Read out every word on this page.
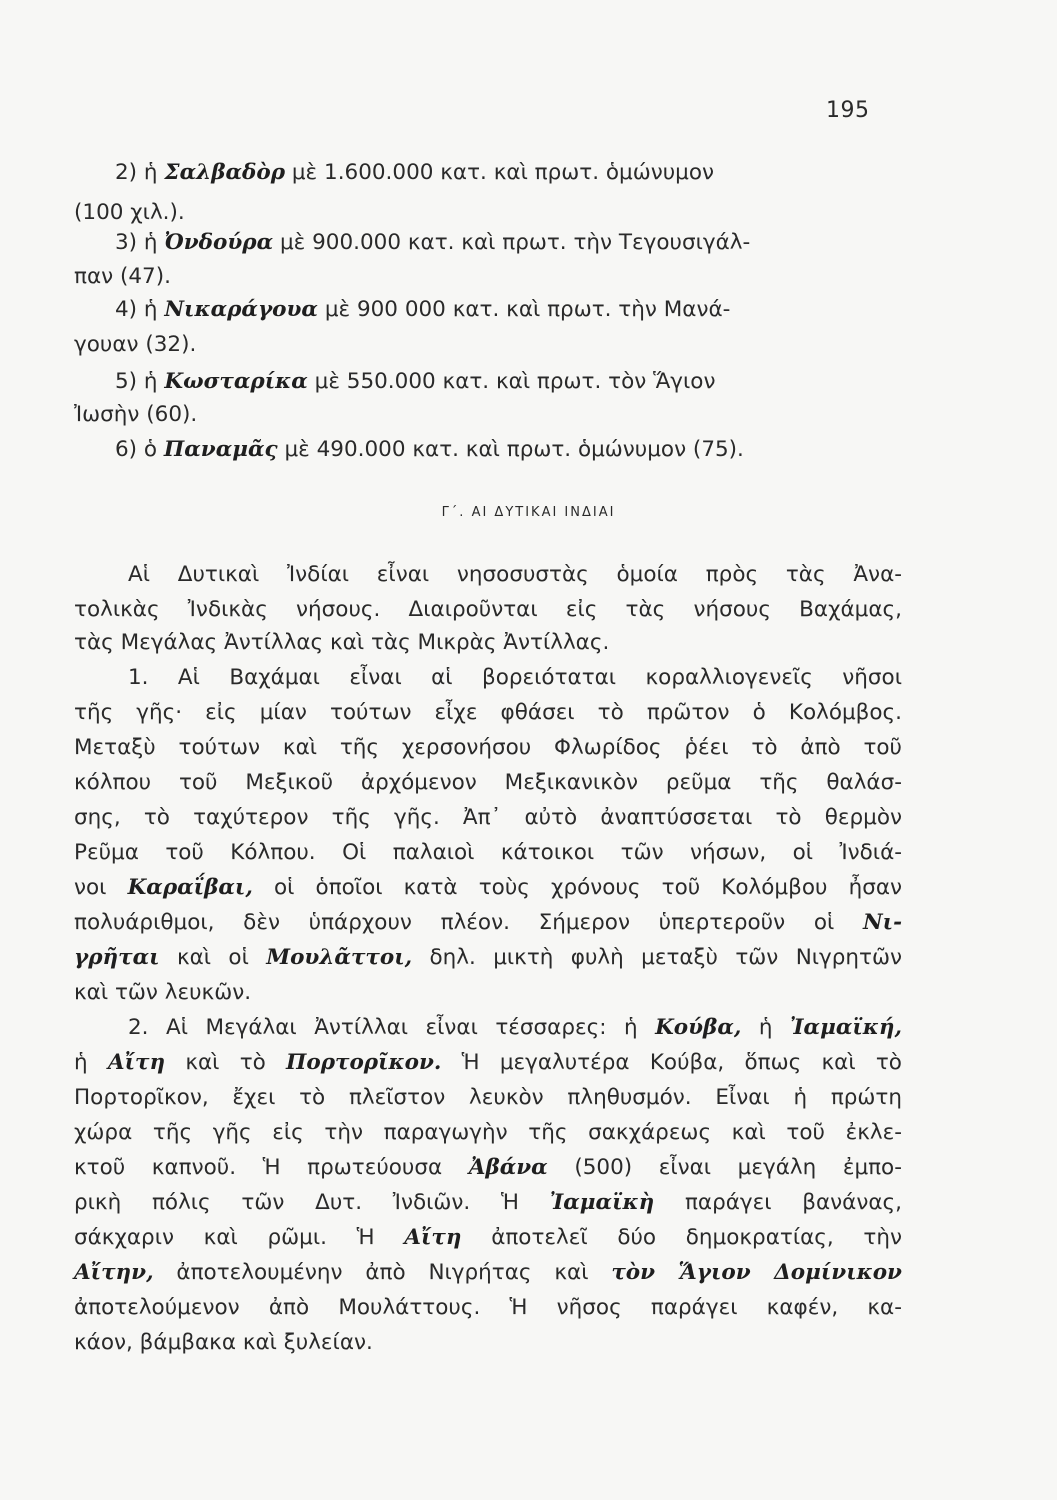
195
2) ἡ Σαλβαδὸρ μὲ 1.600.000 κατ. καὶ πρωτ. ὁμώνυμον
(100 χιλ.).
3) ἡ Ὀνδούρα μὲ 900.000 κατ. καὶ πρωτ. τὴν Τεγουσιγάλ-
παν (47).
4) ἡ Νικαράγουα μὲ 900 000 κατ. καὶ πρωτ. τὴν Μανά-
γουαν (32).
5) ἡ Κωσταρίκα μὲ 550.000 κατ. καὶ πρωτ. τὸν Ἅγιον
Ἰωσὴν (60).
6) ὁ Παναμᾶς μὲ 490.000 κατ. καὶ πρωτ. ὁμώνυμον (75).
Γ΄. ΑΙ ΔΥΤΙΚΑΙ ΙΝΔΙΑΙ
Αἱ Δυτικαὶ Ἰνδίαι εἶναι νησοσυστὰς ὁμοία πρὸς τὰς Ἀνα-
τολικὰς Ἰνδικὰς νήσους. Διαιροῦνται εἰς τὰς νήσους Βαχάμας,
τὰς Μεγάλας Ἀντίλλας καὶ τὰς Μικρὰς Ἀντίλλας.
1. Αἱ Βαχάμαι εἶναι αἱ βορειόταται κοραλλιογενεῖς νῆσοι
τῆς γῆς· εἰς μίαν τούτων εἶχε φθάσει τὸ πρῶτον ὁ Κολόμβος.
Μεταξὺ τούτων καὶ τῆς χερσονήσου Φλωρίδος ῥέει τὸ ἀπὸ τοῦ
κόλπου τοῦ Μεξικοῦ ἀρχόμενον Μεξικανικὸν ρεῦμα τῆς θαλάσ-
σης, τὸ ταχύτερον τῆς γῆς. Ἀπ᾿ αὐτὸ ἀναπτύσσεται τὸ θερμὸν
Ρεῦμα τοῦ Κόλπου. Οἱ παλαιοὶ κάτοικοι τῶν νήσων, οἱ Ἰνδιά-
νοι Καραΐβαι, οἱ ὁποῖοι κατὰ τοὺς χρόνους τοῦ Κολόμβου ἦσαν
πολυάριθμοι, δὲν ὑπάρχουν πλέον. Σήμερον ὑπερτεροῦν οἱ Νι-
γρῆται καὶ οἱ Μουλᾶττοι, δηλ. μικτὴ φυλὴ μεταξὺ τῶν Νιγρητῶν
καὶ τῶν λευκῶν.
2. Αἱ Μεγάλαι Ἀντίλλαι εἶναι τέσσαρες: ἡ Κούβα, ἡ Ἰαμαϊκή,
ἡ Αἴτη καὶ τὸ Πορτορῖκον. Ἡ μεγαλυτέρα Κούβα, ὅπως καὶ τὸ
Πορτορῖκον, ἔχει τὸ πλεῖστον λευκὸν πληθυσμόν. Εἶναι ἡ πρώτη
χώρα τῆς γῆς εἰς τὴν παραγωγὴν τῆς σακχάρεως καὶ τοῦ ἐκλε-
κτοῦ καπνοῦ. Ἡ πρωτεύουσα Ἀβάνα (500) εἶναι μεγάλη ἐμπο-
ρικὴ πόλις τῶν Δυτ. Ἰνδιῶν. Ἡ Ἰαμαϊκὴ παράγει βανάνας,
σάκχαριν καὶ ρῶμι. Ἡ Αἴτη ἀποτελεῖ δύο δημοκρατίας, τὴν
Αἴτην, ἀποτελουμένην ἀπὸ Νιγρήτας καὶ τὸν Ἅγιον Δομίνικον
ἀποτελούμενον ἀπὸ Μουλάττους. Ἡ νῆσος παράγει καφέν, κα-
κάον, βάμβακα καὶ ξυλείαν.
